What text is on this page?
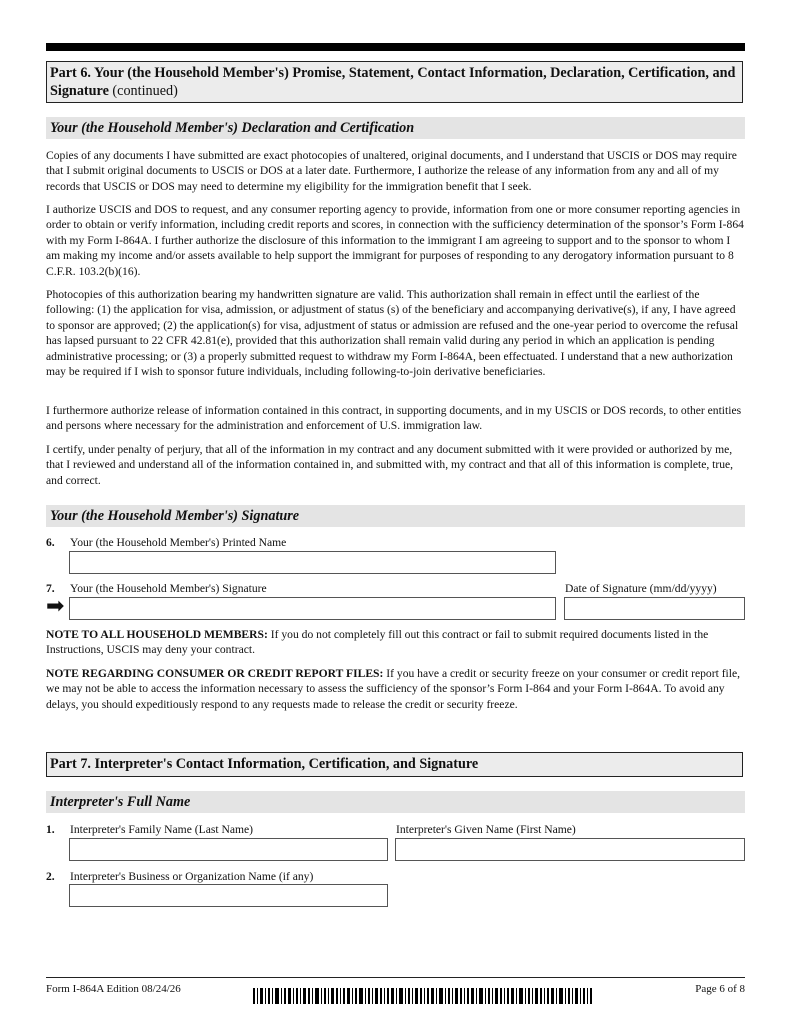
Part 6. Your (the Household Member's) Promise, Statement, Contact Information, Declaration, Certification, and Signature (continued)
Your (the Household Member's) Declaration and Certification

Copies of any documents I have submitted are exact photocopies of unaltered, original documents, and I understand that USCIS or DOS may require that I submit original documents to USCIS or DOS at a later date. Furthermore, I authorize the release of any information from any and all of my records that USCIS or DOS may need to determine my eligibility for the immigration benefit that I seek.

I authorize USCIS and DOS to request, and any consumer reporting agency to provide, information from one or more consumer reporting agencies in order to obtain or verify information, including credit reports and scores, in connection with the sufficiency determination of the sponsor’s Form I-864 with my Form I-864A. I further authorize the disclosure of this information to the immigrant I am agreeing to support and to the sponsor to whom I am making my income and/or assets available to help support the immigrant for purposes of responding to any derogatory information pursuant to 8 C.F.R. 103.2(b)(16).

Photocopies of this authorization bearing my handwritten signature are valid. This authorization shall remain in effect until the earliest of the following: (1) the application for visa, admission, or adjustment of status (s) of the beneficiary and accompanying derivative(s), if any, I have agreed to sponsor are approved; (2) the application(s) for visa, adjustment of status or admission are refused and the one-year period to overcome the refusal has lapsed pursuant to 22 CFR 42.81(e), provided that this authorization shall remain valid during any period in which an application is pending administrative processing; or (3) a properly submitted request to withdraw my Form I-864A, been effectuated. I understand that a new authorization may be required if I wish to sponsor future individuals, including following-to-join derivative beneficiaries.

I furthermore authorize release of information contained in this contract, in supporting documents, and in my USCIS or DOS records, to other entities and persons where necessary for the administration and enforcement of U.S. immigration law.

I certify, under penalty of perjury, that all of the information in my contract and any document submitted with it were provided or authorized by me, that I reviewed and understand all of the information contained in, and submitted with, my contract and that all of this information is complete, true, and correct.

Your (the Household Member's) Signature
6. Your (the Household Member's) Printed Name
7. Your (the Household Member's) Signature	Date of Signature (mm/dd/yyyy)
➡

NOTE TO ALL HOUSEHOLD MEMBERS: If you do not completely fill out this contract or fail to submit required documents listed in the Instructions, USCIS may deny your contract.

NOTE REGARDING CONSUMER OR CREDIT REPORT FILES: If you have a credit or security freeze on your consumer or credit report file, we may not be able to access the information necessary to assess the sufficiency of the sponsor’s Form I-864 and your Form I-864A. To avoid any delays, you should expeditiously respond to any requests made to release the credit or security freeze.

Part 7. Interpreter's Contact Information, Certification, and Signature
Interpreter's Full Name
1. Interpreter's Family Name (Last Name)	Interpreter's Given Name (First Name)
2. Interpreter's Business or Organization Name (if any)
Form I-864A Edition 08/24/26	Page 6 of 8
